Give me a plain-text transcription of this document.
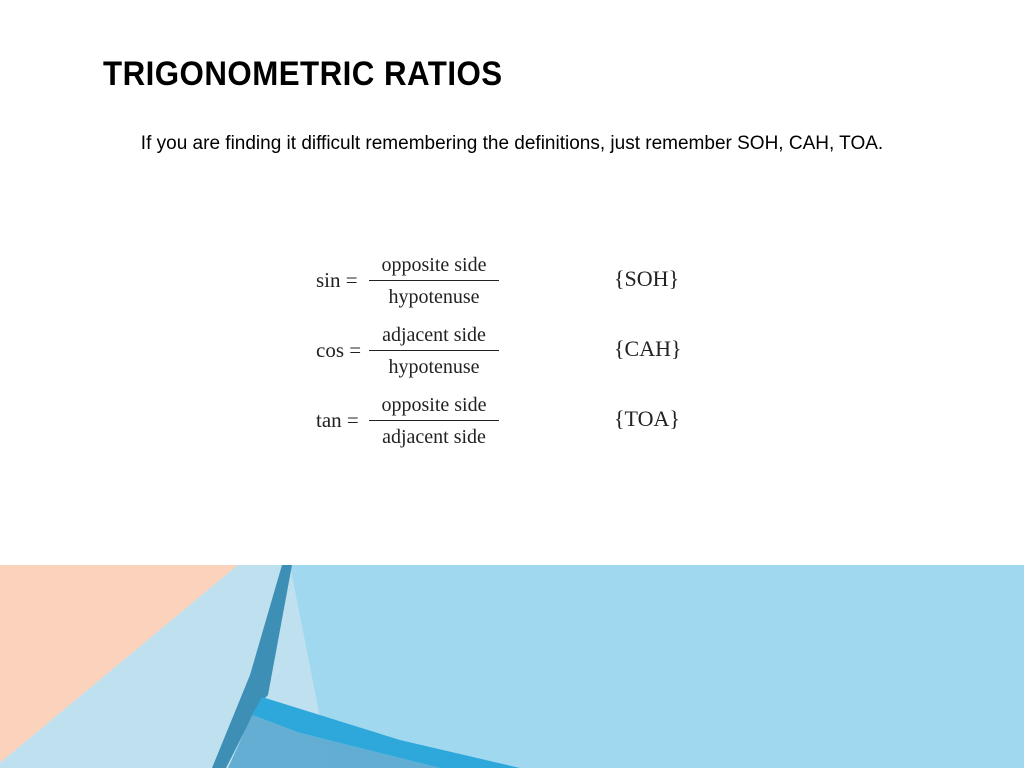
TRIGONOMETRIC RATIOS

If you are finding it difficult remembering the definitions, just remember SOH, CAH, TOA.

sin =
opposite side
hypotenuse
{SOH}
cos =
adjacent side
hypotenuse
{CAH}
tan =
opposite side
adjacent side
{TOA}
